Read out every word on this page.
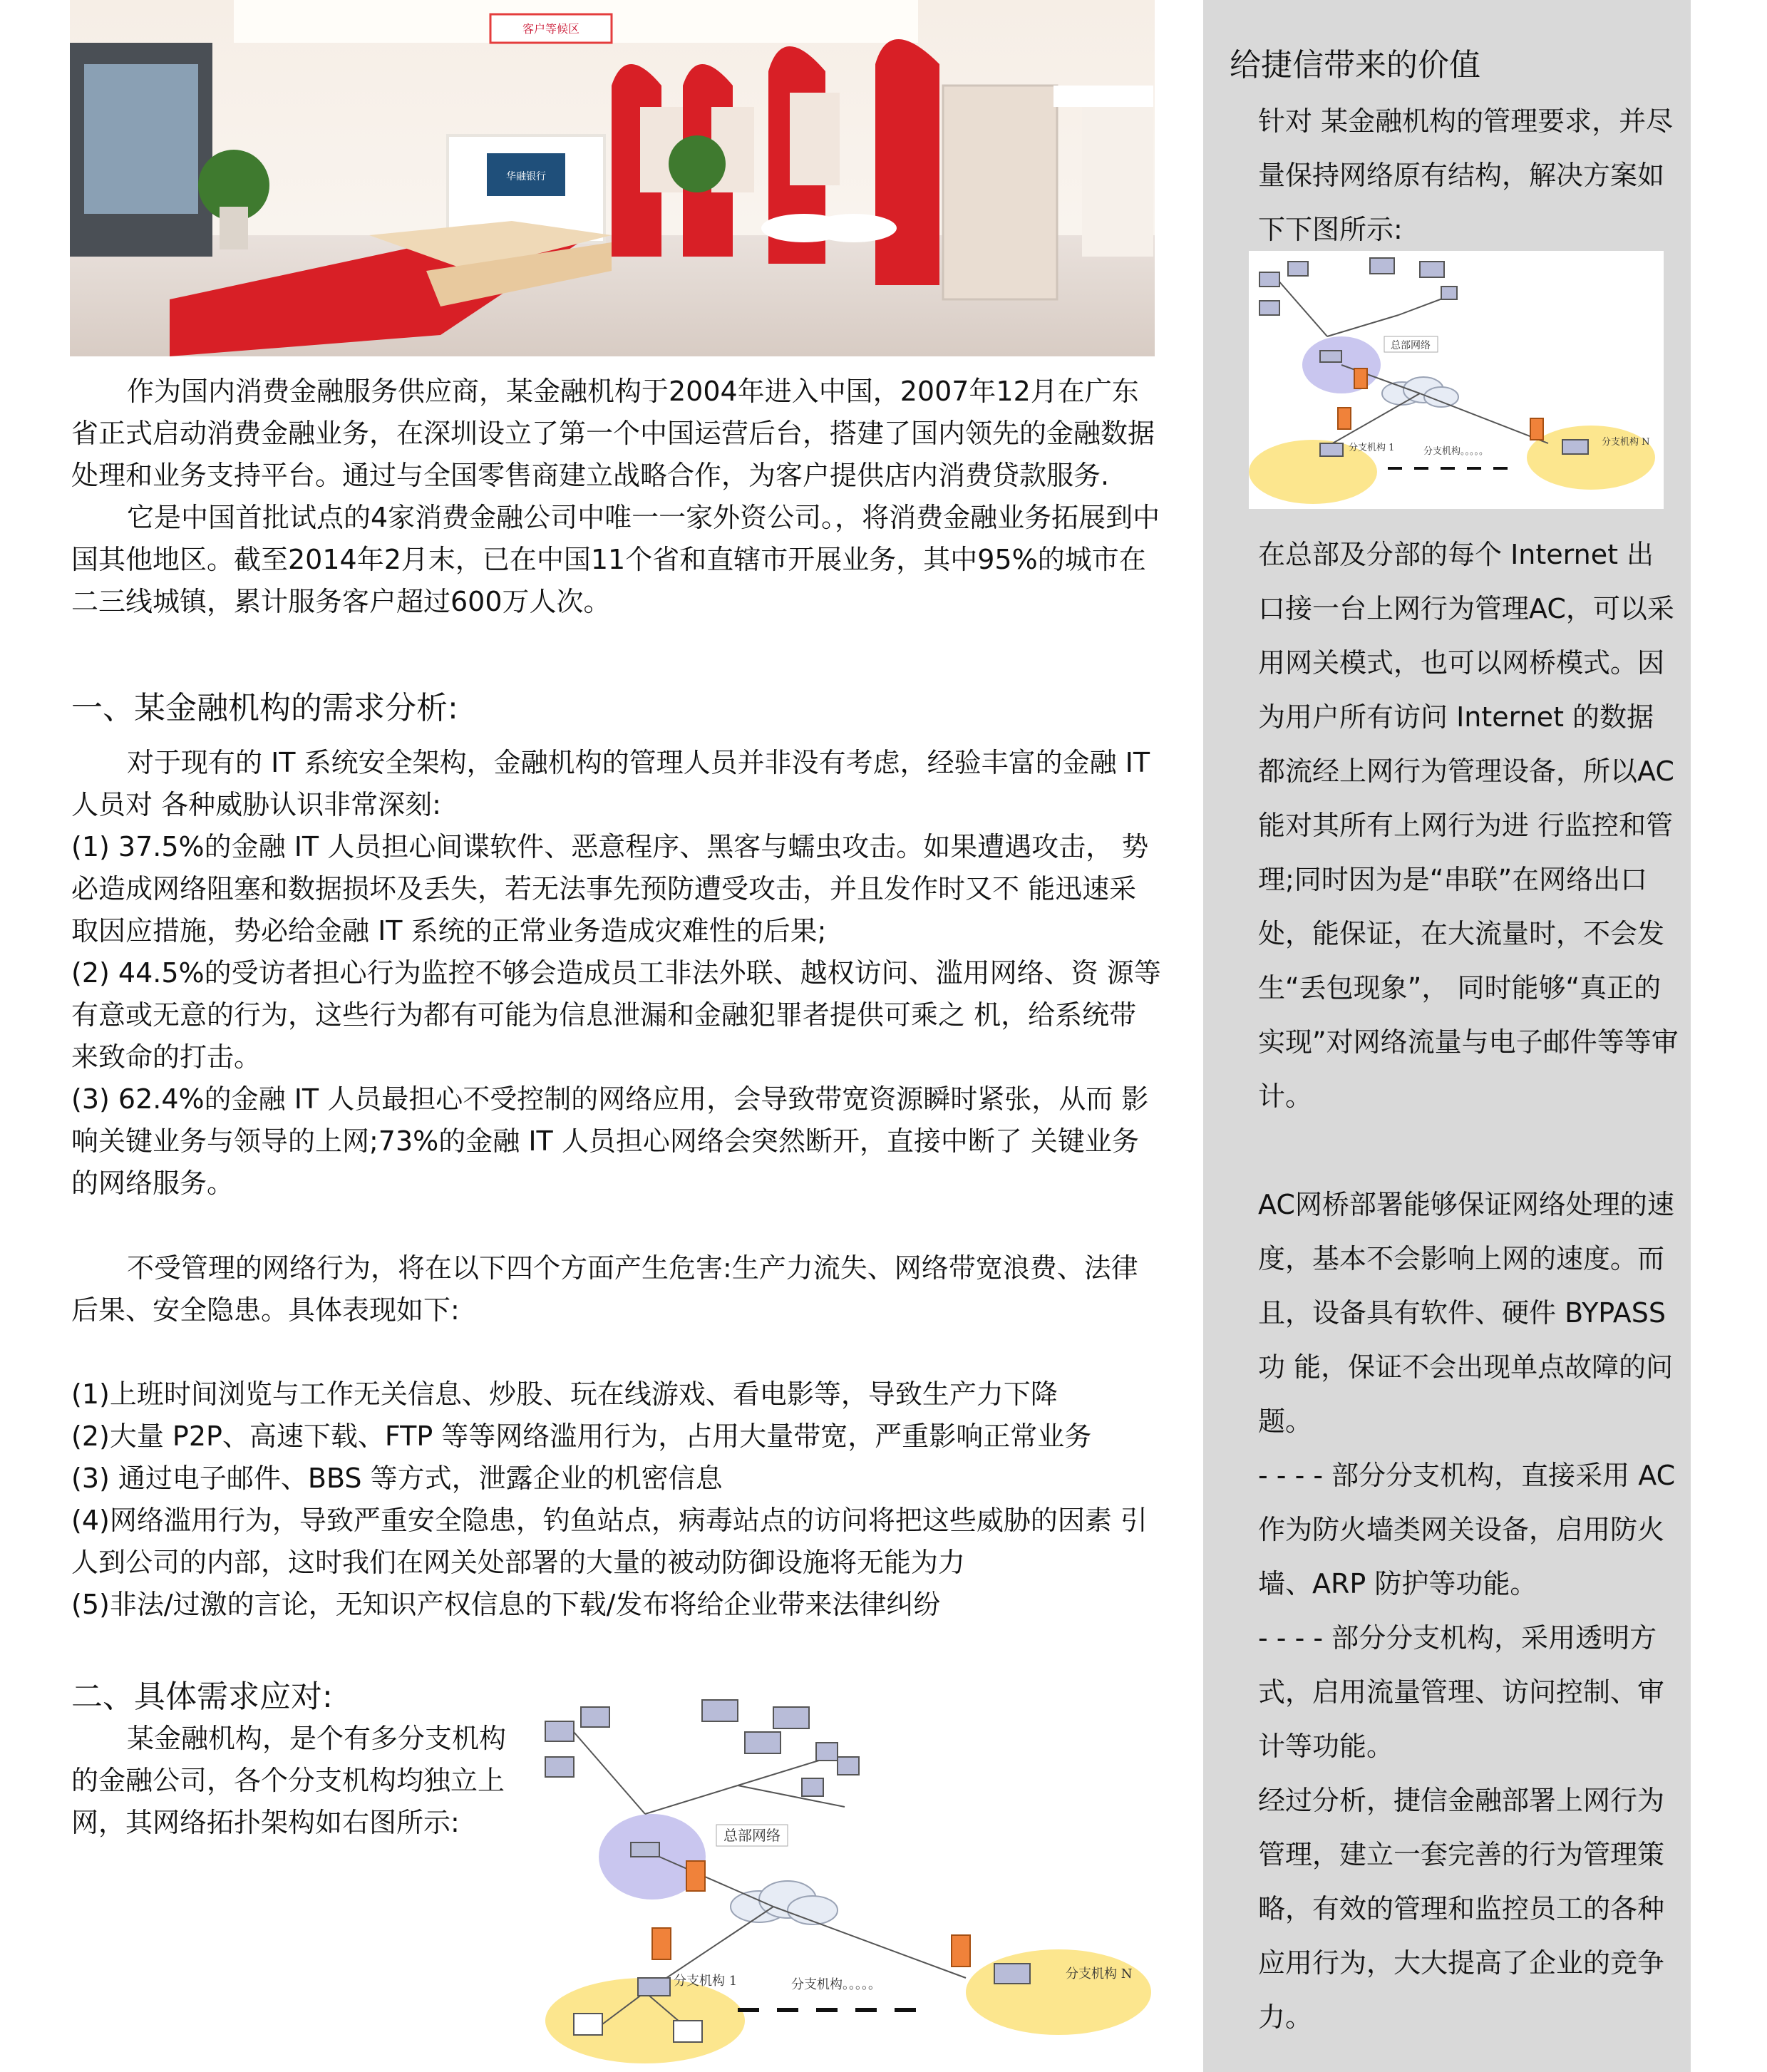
华融银行
客户等候区

作为国内消费金融服务供应商，某金融机构于2004年进入中国，2007年12月在广东省正式启动消费金融业务，在深圳设立了第一个中国运营后台，搭建了国内领先的金融数据处理和业务支持平台。通过与全国零售商建立战略合作，为客户提供店内消费贷款服务.

它是中国首批试点的4家消费金融公司中唯一一家外资公司。，将消费金融业务拓展到中国其他地区。截至2014年2月末，已在中国11个省和直辖市开展业务，其中95%的城市在二三线城镇，累计服务客户超过600万人次。

一、某金融机构的需求分析:

对于现有的 IT 系统安全架构，金融机构的管理人员并非没有考虑，经验丰富的金融 IT 人员对 各种威胁认识非常深刻:

(1) 37.5%的金融 IT 人员担心间谍软件、恶意程序、黑客与蠕虫攻击。如果遭遇攻击， 势必造成网络阻塞和数据损坏及丢失，若无法事先预防遭受攻击，并且发作时又不 能迅速采取因应措施，势必给金融 IT 系统的正常业务造成灾难性的后果;

(2) 44.5%的受访者担心行为监控不够会造成员工非法外联、越权访问、滥用网络、资 源等有意或无意的行为，这些行为都有可能为信息泄漏和金融犯罪者提供可乘之 机，给系统带来致命的打击。

(3) 62.4%的金融 IT 人员最担心不受控制的网络应用，会导致带宽资源瞬时紧张，从而 影响关键业务与领导的上网;73%的金融 IT 人员担心网络会突然断开，直接中断了 关键业务的网络服务。

不受管理的网络行为，将在以下四个方面产生危害:生产力流失、网络带宽浪费、法律后果、安全隐患。具体表现如下:

(1)上班时间浏览与工作无关信息、炒股、玩在线游戏、看电影等，导致生产力下降

(2)大量 P2P、高速下载、FTP 等等网络滥用行为，占用大量带宽，严重影响正常业务

(3) 通过电子邮件、BBS 等方式，泄露企业的机密信息

(4)网络滥用行为，导致严重安全隐患，钓鱼站点，病毒站点的访问将把这些威胁的因素 引人到公司的内部，这时我们在网关处部署的大量的被动防御设施将无能为力

(5)非法/过激的言论，无知识产权信息的下载/发布将给企业带来法律纠纷

二、具体需求应对:

某金融机构，是个有多分支机构的金融公司，各个分支机构均独立上网，其网络拓扑架构如右图所示:	总部网络
分支机构 1	分支机构。。。。。
分支机构 N

给捷信带来的价值

针对 某金融机构的管理要求，并尽量保持网络原有结构，解决方案如下下图所示:

总部网络
分支机构 1	分支机构。。。。。
分支机构 N

在总部及分部的每个 Internet 出口接一台上网行为管理AC，可以采用网关模式，也可以网桥模式。因为用户所有访问 Internet 的数据都流经上网行为管理设备，所以AC能对其所有上网行为进 行监控和管理;同时因为是“串联”在网络出口处，能保证，在大流量时，不会发生“丢包现象”， 同时能够“真正的实现”对网络流量与电子邮件等等审计。

AC网桥部署能够保证网络处理的速度，基本不会影响上网的速度。而且，设备具有软件、硬件 BYPASS 功 能，保证不会出现单点故障的问题。

- - - - 部分分支机构，直接采用 AC作为防火墙类网关设备，启用防火墙、ARP 防护等功能。

- - - - 部分分支机构，采用透明方式，启用流量管理、访问控制、审计等功能。

经过分析，捷信金融部署上网行为管理，建立一套完善的行为管理策略，有效的管理和监控员工的各种应用行为，大大提高了企业的竞争力。
